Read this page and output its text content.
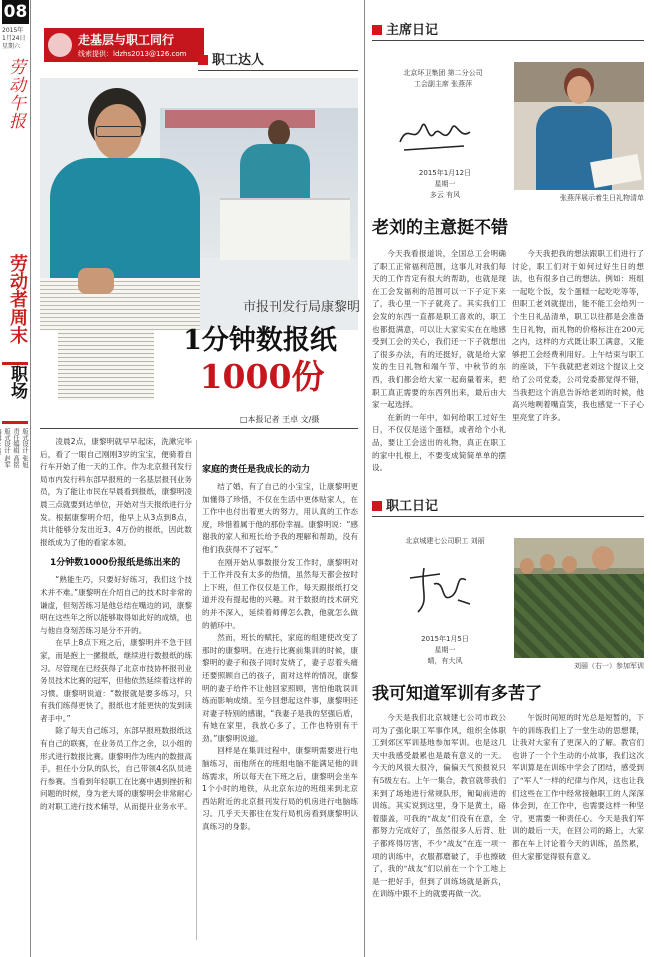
08
2015年
1月24日
星期六
劳动午报
劳动者周末
职场
版式设计 张旭
责任编辑 高铭
版式设计 赵军

走基层与职工同行
线索提供：ldzhs2013@126.com	职工达人
市报刊发行局康黎明
1分钟数报纸
1000份
□本报记者 王卓 文/摄

凌晨2点，康黎明就早早起床，洗漱完毕后，看了一眼自己刚刚3岁的宝宝，便骑着自行车开始了他一天的工作。作为北京报刊发行局市内发行科东部早报班的一名基层报刊业务员，为了能让市民在早晨看到报纸，康黎明凌晨三点就要到达单位，开始对当天报纸进行分发。根据康黎明介绍，他早上从3点到8点，共计能够分发出近3、4万份的报纸，因此数报纸成为了他的看家本领。

1分钟数1000份报纸是练出来的

“熟能生巧，只要好好练习，我们这个技术并不难。”康黎明在介绍自己的技术时非常的谦虚，但刻苦练习是他总结在嘴边的词，康黎明在这些年之所以能够取得如此好的成绩，也与他自身刻苦练习是分不开的。

在早上8点下班之后，康黎明并不急于回家，而是抱上一摞报纸，继续进行数报纸的练习。尽管现在已经获得了北京市技协杯报刊业务员技术比赛的冠军，但他依然延续着这样的习惯。康黎明说道：“数报就是要多练习，只有我们练得更快了，报纸也才能更快的发到读者手中。”

除了每天自己练习，东部早报班数报纸这有自己的联赛，在业务员工作之余，以小组的形式进行数报比赛。康黎明作为班内的数报高手，担任小分队的队长，自己带领4名队员进行参赛。当看到年轻职工在比赛中遇到挫折和问题的时候，身为老大哥的康黎明会非常耐心的对职工进行技术辅导，从而提升业务水平。

家庭的责任是我成长的动力

结了婚、有了自己的小宝宝，让康黎明更加懂得了珍惜，不仅在生活中更体贴家人，在工作中也付出着更大的努力，用认真的工作态度，珍惜着属于他的那份幸福。康黎明说：“感谢我的家人和班长给予我的理解和帮助，没有他们我获得不了冠军。”

在刚开始从事数报分发工作时，康黎明对于工作并没有太多的热情，虽然每天都会按时上下班，但工作仅仅是工作，每天跟报纸打交道并没有提起他的兴趣。对于数报的技术研究的并不深入，延续着师傅怎么教，他就怎么做的循环中。

然而，班长的赋托，家庭的组建使改变了那时的康黎明。在进行比赛前集训的时候，康黎明的妻子和孩子同时发烧了，妻子忍着头痛还要照顾自己的孩子，面对这样的情况，康黎明的妻子给件不让他回家照顾，害怕他耽误训练而影响成绩。至今回想起这件事，康黎明还对妻子特别的感谢，“我妻子是我的坚强后盾，有她在家里，我放心多了，工作也特别有干劲。”康黎明说道。

回样是在集训过程中，康黎明需要进行电脑练习，而他所在的班组电脑不能满足他的训练需求，所以每天在下班之后，康黎明会坐车1个小时的地铁，从北京东边的班组来到北京西站附近的北京报刊发行局的机房进行电脑练习。几乎天天都往在发行局机房看到康黎明认真练习的身影。

主席日记
北京环卫集团 第二分公司
工会副主席 张燕萍
2015年1月12日
星期一
多云 有风	张燕萍展示着生日礼物清单
老刘的主意挺不错

今天我看报道说，全国总工会明确了职工正常福利范围，这事儿对我们每天的工作肯定有很大的帮助，也就是现在工会发福利的范围可以一下子定下来了，我心里一下子就亮了。其实我们工会发的东西一直都是职工喜欢的，职工也都挺满意，可以让大家实实在在地感受到工会的关心，我们还一下子就想出了很多办法，有的还挺好，就是给大家发的生日礼物和端午节、中秋节的东西，我们都会给大家一起商量着来，把职工真正需要的东西列出来，最后由大家一起选择。

在新的一年中，如何给职工过好生日，不仅仅是送个蛋糕，或者给个小礼品，要让工会送出的礼物，真正在职工的家中扎根上，不要变成简简单单的摆设。

今天我把我的想法跟职工们进行了讨论，职工们对于如何过好生日的想法，也有很多自己的想法。例如：班组一起吃个饭，发个蛋糕一起吃吃等等，但职工老刘就提出，能不能工会给列一个生日礼品清单，职工以往都是会准备生日礼物，而礼物的价格标注在200元之内，这样的方式既让职工满意，又能够把工会经费利用好。上午结束与职工的座谈，下午我就把老刘这个提议上交给了公司党委，公司党委都觉得不错，当我把这个消息告诉给老刘的时候，他高兴地咧着嘴直笑，我也感觉一下子心里亮堂了许多。

职工日记
北京城建七公司职工 刘丽
2015年1月5日
星期一
晴，有大风
刘丽（右一）参加军训
我可知道军训有多苦了

今天是我们北京城建七公司市政公司为了强化职工军事作风，组织全体职工到郊区军训基地参加军训。也是这几天中我感受最累也是最有意义的一天。今天的风很大很冷，偏偏天气预报说只有5级左右。上午一集合，教官就带我们来到了场地进行常规队形，匍匐前进的训练。其实说到这里，身下是黄土，硌着膝盖，可我的“战友”们没有在意，全都努力完成好了，虽然很多人后背、肚子都疼得厉害，不少“战友”在连一项一项的训练中，衣服都磨破了，手也擦破了，我的“战友”们以前在一个个工地上是一把好手，但到了训练场就是新兵，在训练中跟不上的就要再做一次。

午饭时间短的时光总是短暂的，下午的训练我们上了一堂生动的思想课，让我对大家有了更深入的了解。教官们也讲了一个个生动的小故事，我们这次军训算是在训练中学会了团结，感受到了“军人”一样的纪律与作风，这也让我们这些在工作中经常接触职工的人深深体会到，在工作中，也需要这样一种坚守，更需要一种责任心。今天是我们军训的最后一天，在回公司的路上，大家都在车上讨论着今天的训练，虽然累，但大家都觉得很有意义。
